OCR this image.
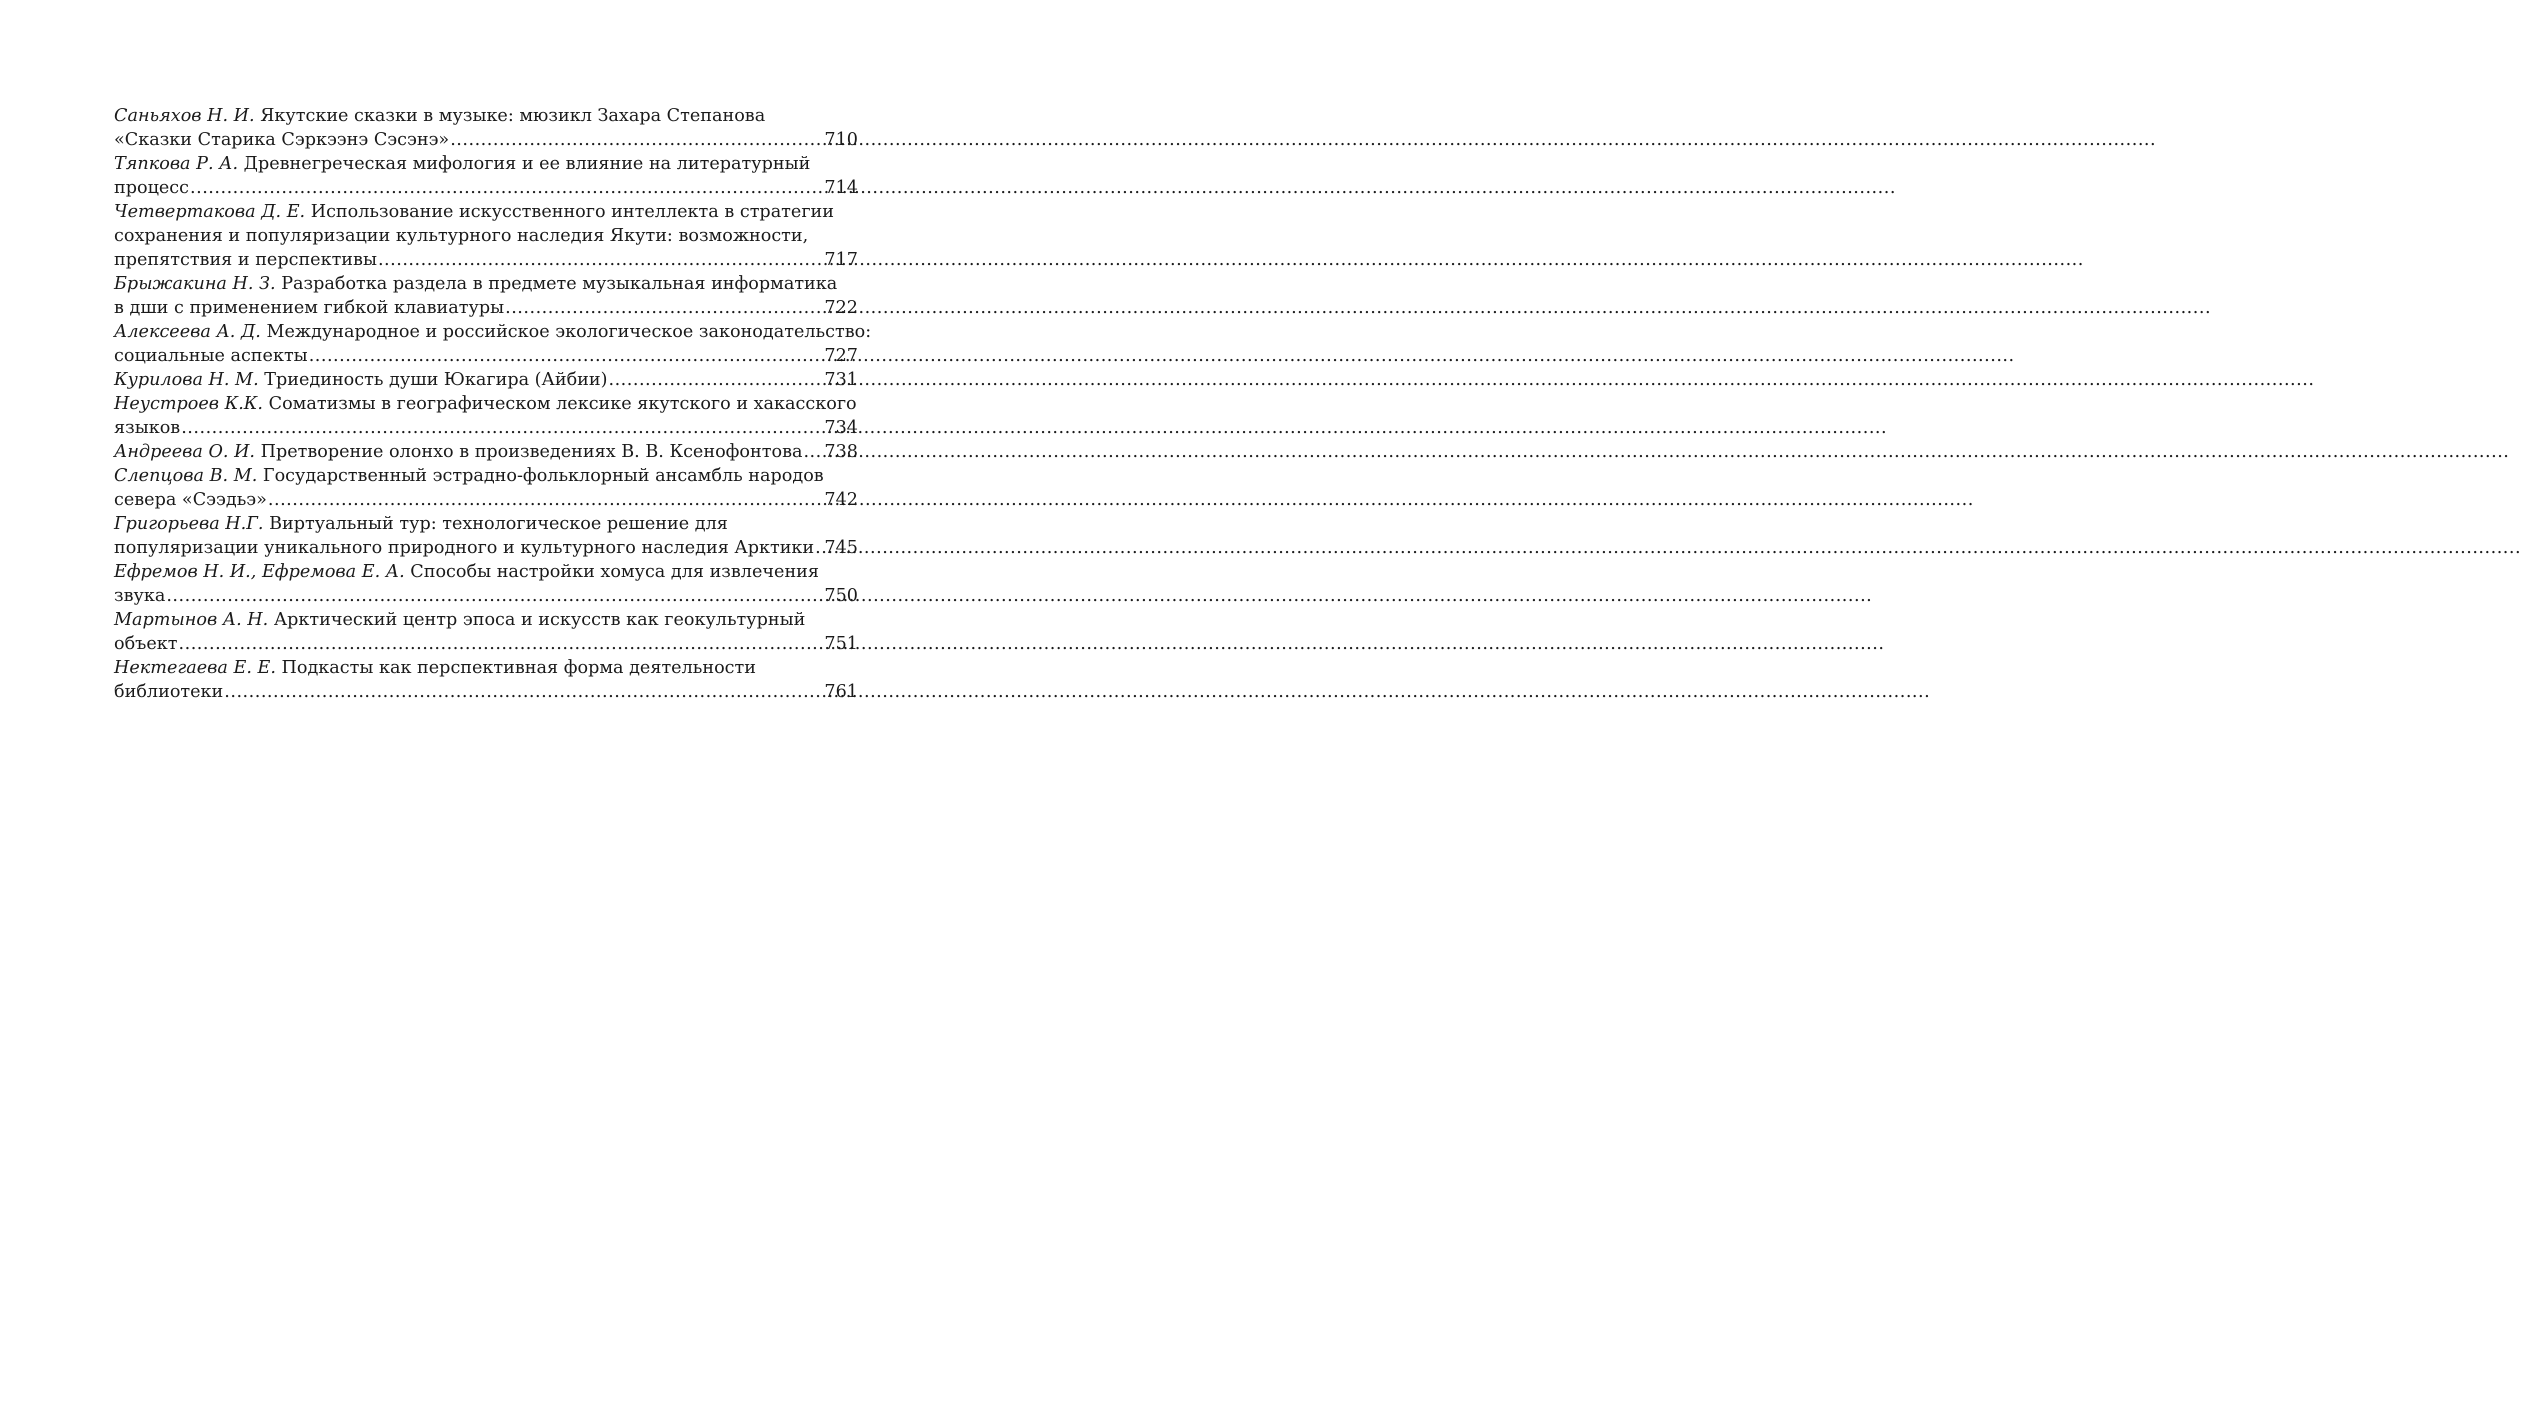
Саньяхов Н. И. Якутские сказки в музыке: мюзикл Захара Степанова
«Сказки Старика Сэркээнэ Сэсэнэ» .....	710
Тяпкова Р. А. Древнегреческая мифология и ее влияние на литературный
процесс .....	714
Четвертакова Д. Е. Использование искусственного интеллекта в стратегии
сохранения и популяризации культурного наследия Якути: возможности,
препятствия и перспективы .....	717
Брыжакина Н. З. Разработка раздела в предмете музыкальная информатика
в дши с применением гибкой клавиатуры .....	722
Алексеева А. Д. Международное и российское экологическое законодательство:
социальные аспекты .....	727
Курилова Н. М. Триединость души Юкагира (Айбии) .....	731
Неустроев К.К. Соматизмы в географическом лексике якутского и хакасского
языков .....	734
Андреева О. И. Претворение олонхо в произведениях В. В. Ксенофонтова ..... 738
Слепцова В. М. Государственный эстрадно-фольклорный ансамбль народов
севера «Сээдьэ» .....	742
Григорьева Н.Г. Виртуальный тур: технологическое решение для
популяризации уникального природного и культурного наследия Арктики ..... 745
Ефремов Н. И., Ефремова Е. А. Способы настройки хомуса для извлечения
звука .....	750
Мартынов А. Н. Арктический центр эпоса и искусств как геокультурный
объект .....	751
Нектегаева Е. Е. Подкасты как перспективная форма деятельности
библиотеки .....	761
